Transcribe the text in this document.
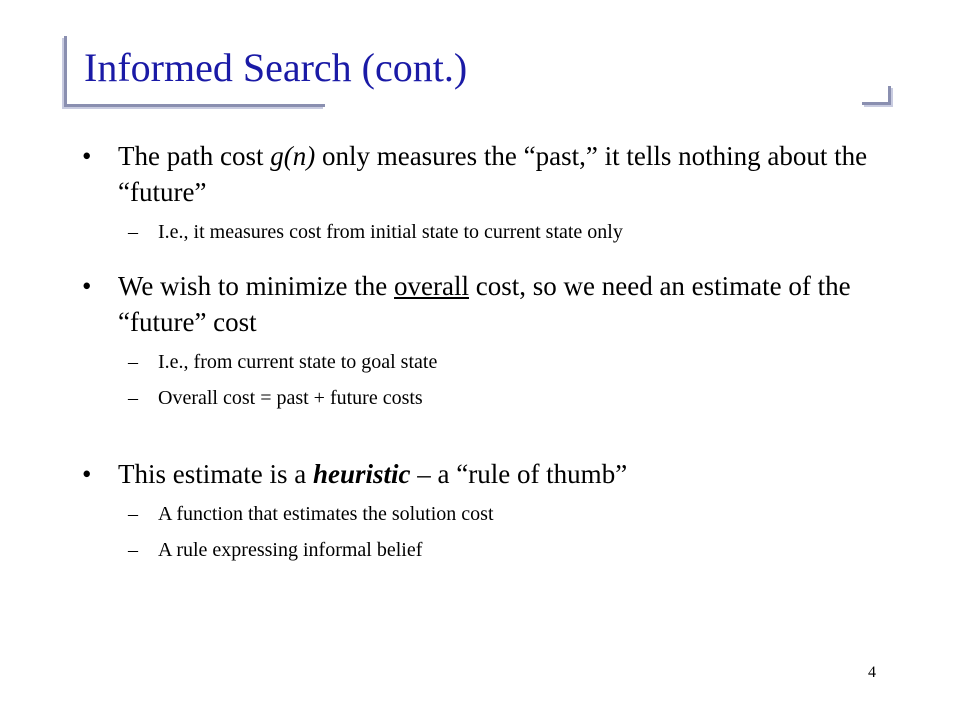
Informed Search (cont.)
• The path cost g(n) only measures the “past,” it tells nothing about the “future”
– I.e., it measures cost from initial state to current state only
• We wish to minimize the overall cost, so we need an estimate of the “future” cost
– I.e., from current state to goal state
– Overall cost = past + future costs
• This estimate is a heuristic – a “rule of thumb”
– A function that estimates the solution cost
– A rule expressing informal belief
4
